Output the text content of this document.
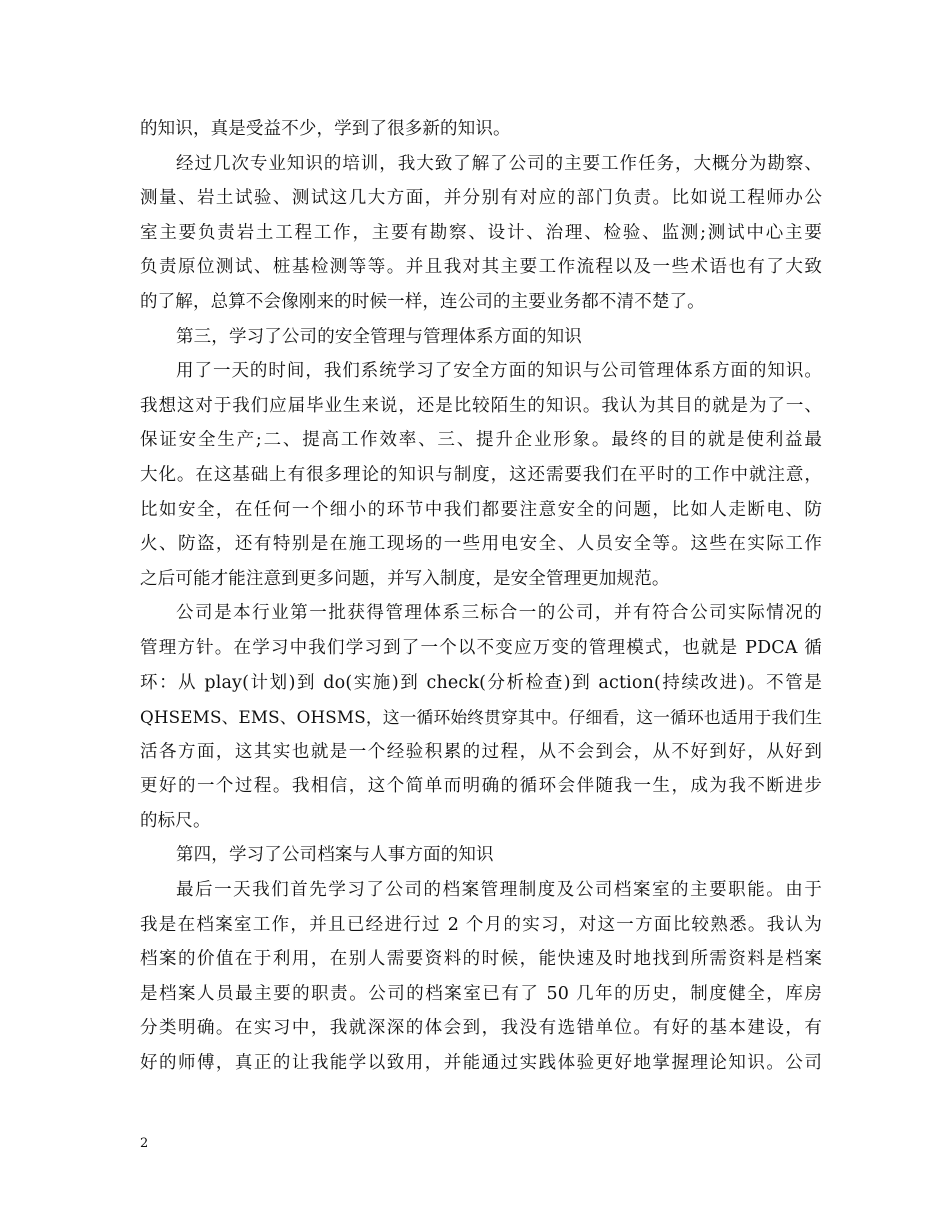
的知识，真是受益不少，学到了很多新的知识。
经过几次专业知识的培训，我大致了解了公司的主要工作任务，大概分为勘察、
测量、岩土试验、测试这几大方面，并分别有对应的部门负责。比如说工程师办公
室主要负责岩土工程工作，主要有勘察、设计、治理、检验、监测;测试中心主要
负责原位测试、桩基检测等等。并且我对其主要工作流程以及一些术语也有了大致
的了解，总算不会像刚来的时候一样，连公司的主要业务都不清不楚了。
第三，学习了公司的安全管理与管理体系方面的知识
用了一天的时间，我们系统学习了安全方面的知识与公司管理体系方面的知识。
我想这对于我们应届毕业生来说，还是比较陌生的知识。我认为其目的就是为了一、
保证安全生产;二、提高工作效率、三、提升企业形象。最终的目的就是使利益最
大化。在这基础上有很多理论的知识与制度，这还需要我们在平时的工作中就注意，
比如安全，在任何一个细小的环节中我们都要注意安全的问题，比如人走断电、防
火、防盗，还有特别是在施工现场的一些用电安全、人员安全等。这些在实际工作
之后可能才能注意到更多问题，并写入制度，是安全管理更加规范。
公司是本行业第一批获得管理体系三标合一的公司，并有符合公司实际情况的
管理方针。在学习中我们学习到了一个以不变应万变的管理模式，也就是 PDCA 循
环：从 play(计划)到 do(实施)到 check(分析检查)到 action(持续改进)。不管是
QHSEMS、EMS、OHSMS，这一循环始终贯穿其中。仔细看，这一循环也适用于我们生
活各方面，这其实也就是一个经验积累的过程，从不会到会，从不好到好，从好到
更好的一个过程。我相信，这个简单而明确的循环会伴随我一生，成为我不断进步
的标尺。
第四，学习了公司档案与人事方面的知识
最后一天我们首先学习了公司的档案管理制度及公司档案室的主要职能。由于
我是在档案室工作，并且已经进行过 2 个月的实习，对这一方面比较熟悉。我认为
档案的价值在于利用，在别人需要资料的时候，能快速及时地找到所需资料是档案
是档案人员最主要的职责。公司的档案室已有了 50 几年的历史，制度健全，库房
分类明确。在实习中，我就深深的体会到，我没有选错单位。有好的基本建设，有
好的师傅，真正的让我能学以致用，并能通过实践体验更好地掌握理论知识。公司
2
